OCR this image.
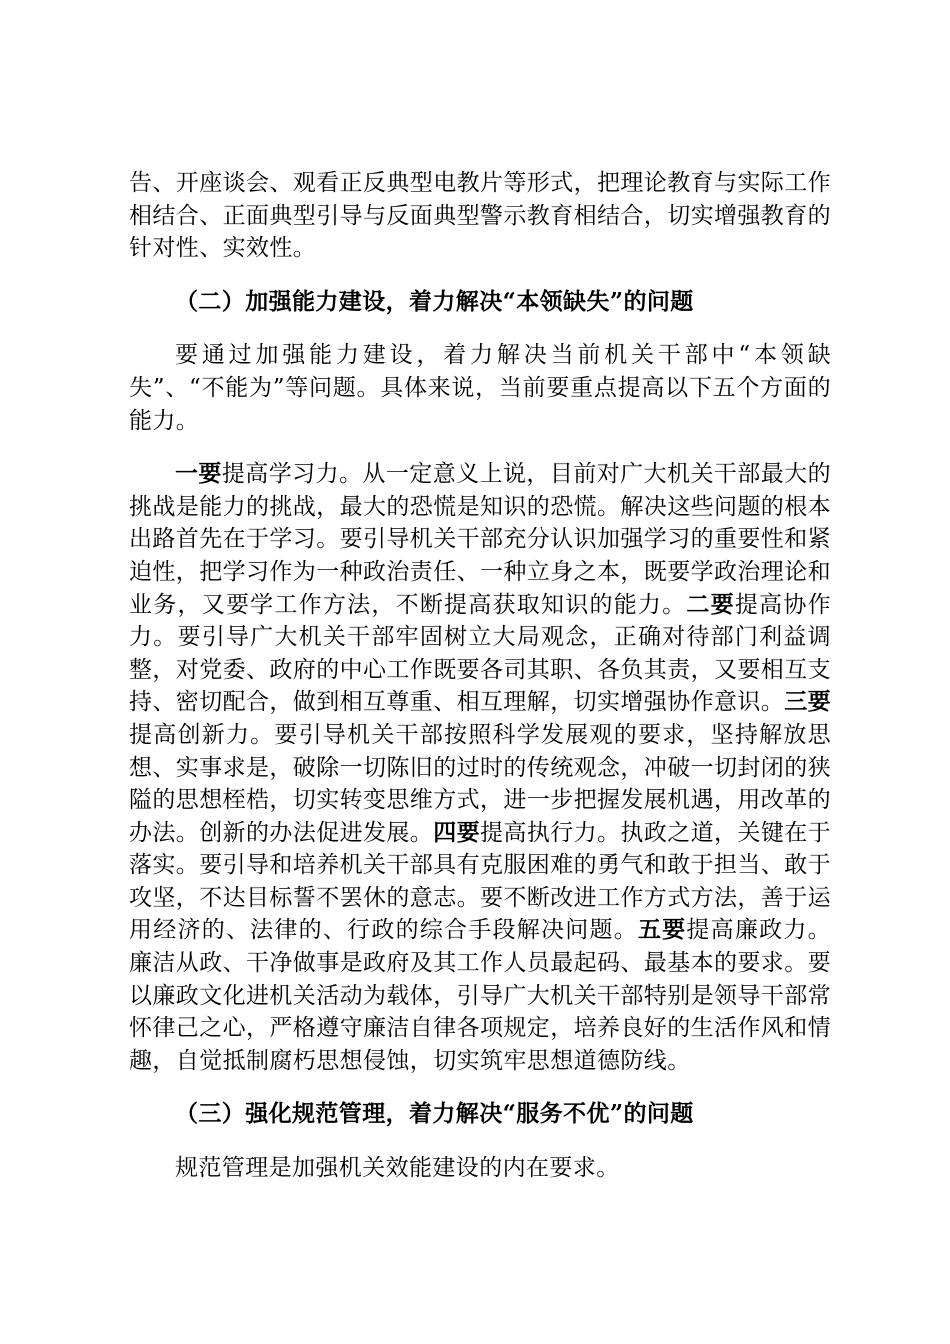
告、开座谈会、观看正反典型电教片等形式，把理论教育与实际工作相结合、正面典型引导与反面典型警示教育相结合，切实增强教育的针对性、实效性。

（二）加强能力建设，着力解决“本领缺失”的问题

要通过加强能力建设，着力解决当前机关干部中“本领缺失”、“不能为”等问题。具体来说，当前要重点提高以下五个方面的能力。

一要提高学习力。从一定意义上说，目前对广大机关干部最大的挑战是能力的挑战，最大的恐慌是知识的恐慌。解决这些问题的根本出路首先在于学习。要引导机关干部充分认识加强学习的重要性和紧迫性，把学习作为一种政治责任、一种立身之本，既要学政治理论和业务，又要学工作方法，不断提高获取知识的能力。二要提高协作力。要引导广大机关干部牢固树立大局观念，正确对待部门利益调整，对党委、政府的中心工作既要各司其职、各负其责，又要相互支持、密切配合，做到相互尊重、相互理解，切实增强协作意识。三要提高创新力。要引导机关干部按照科学发展观的要求，坚持解放思想、实事求是，破除一切陈旧的过时的传统观念，冲破一切封闭的狭隘的思想桎梏，切实转变思维方式，进一步把握发展机遇，用改革的办法。创新的办法促进发展。四要提高执行力。执政之道，关键在于落实。要引导和培养机关干部具有克服困难的勇气和敢于担当、敢于攻坚，不达目标誓不罢休的意志。要不断改进工作方式方法，善于运用经济的、法律的、行政的综合手段解决问题。五要提高廉政力。廉洁从政、干净做事是政府及其工作人员最起码、最基本的要求。要以廉政文化进机关活动为载体，引导广大机关干部特别是领导干部常怀律己之心，严格遵守廉洁自律各项规定，培养良好的生活作风和情趣，自觉抵制腐朽思想侵蚀，切实筑牢思想道德防线。

（三）强化规范管理，着力解决“服务不优”的问题

规范管理是加强机关效能建设的内在要求。
